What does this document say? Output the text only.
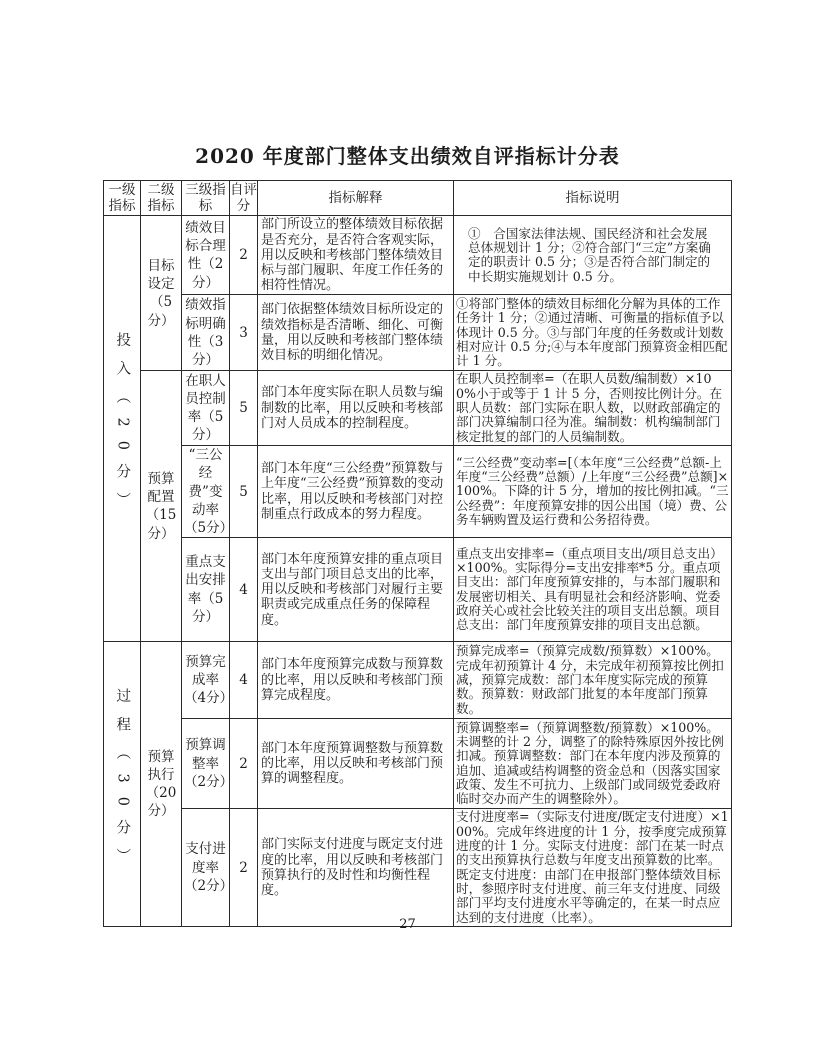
2020 年度部门整体支出绩效自评指标计分表
一级指标	二级指标	三级指标	自评分	指标解释	指标说明
投入（20分）	目标设定（5分）	绩效目标合理性（2分）	2	部门所设立的整体绩效目标依据是否充分，是否符合客观实际，用以反映和考核部门整体绩效目标与部门履职、年度工作任务的相符性情况。	①　合国家法律法规、国民经济和社会发展总体规划计 1 分；②符合部门“三定”方案确定的职责计 0.5 分；③是否符合部门制定的中长期实施规划计 0.5 分。
		绩效指标明确性（3分）	3	部门依据整体绩效目标所设定的绩效指标是否清晰、细化、可衡量，用以反映和考核部门整体绩效目标的明细化情况。	①将部门整体的绩效目标细化分解为具体的工作任务计 1 分；②通过清晰、可衡量的指标值予以体现计 0.5 分。③与部门年度的任务数或计划数相对应计 0.5 分;④与本年度部门预算资金相匹配计 1 分。
	预算配置（15分）	在职人员控制率（5分）	5	部门本年度实际在职人员数与编制数的比率，用以反映和考核部门对人员成本的控制程度。	在职人员控制率=（在职人员数/编制数）×100%小于或等于 1 计 5 分，否则按比例计分。在职人员数：部门实际在职人数，以财政部确定的部门决算编制口径为准。编制数：机构编制部门核定批复的部门的人员编制数。
		“三公经费”变动率（5分）	5	部门本年度“三公经费”预算数与上年度“三公经费”预算数的变动比率，用以反映和考核部门对控制重点行政成本的努力程度。	“三公经费”变动率=[（本年度“三公经费”总额-上年度“三公经费”总额）/上年度“三公经费”总额]×100%。下降的计 5 分，增加的按比例扣减。“三公经费”：年度预算安排的因公出国（境）费、公务车辆购置及运行费和公务招待费。
		重点支出安排率（5分）	4	部门本年度预算安排的重点项目支出与部门项目总支出的比率，用以反映和考核部门对履行主要职责或完成重点任务的保障程度。	重点支出安排率=（重点项目支出/项目总支出）×100%。实际得分=支出安排率*5 分。重点项目支出：部门年度预算安排的，与本部门履职和发展密切相关、具有明显社会和经济影响、党委政府关心或社会比较关注的项目支出总额。项目总支出：部门年度预算安排的项目支出总额。
过程（30分）	预算执行（20分）	预算完成率（4分）	4	部门本年度预算完成数与预算数的比率，用以反映和考核部门预算完成程度。	预算完成率=（预算完成数/预算数）×100%。完成年初预算计 4 分，未完成年初预算按比例扣减，预算完成数：部门本年度实际完成的预算数。预算数：财政部门批复的本年度部门预算数。
		预算调整率（2分）	2	部门本年度预算调整数与预算数的比率，用以反映和考核部门预算的调整程度。	预算调整率=（预算调整数/预算数）×100%。未调整的计 2 分，调整了的除特殊原因外按比例扣减。预算调整数：部门在本年度内涉及预算的追加、追减或结构调整的资金总和（因落实国家政策、发生不可抗力、上级部门或同级党委政府临时交办而产生的调整除外）。
		支付进度率（2分）	2	部门实际支付进度与既定支付进度的比率，用以反映和考核部门预算执行的及时性和均衡性程度。	支付进度率=（实际支付进度/既定支付进度）×100%。完成年终进度的计 1 分，按季度完成预算进度的计 1 分。实际支付进度：部门在某一时点的支出预算执行总数与年度支出预算数的比率。既定支付进度：由部门在申报部门整体绩效目标时，参照序时支付进度、前三年支付进度、同级部门平均支付进度水平等确定的，在某一时点应达到的支付进度（比率）。
27
